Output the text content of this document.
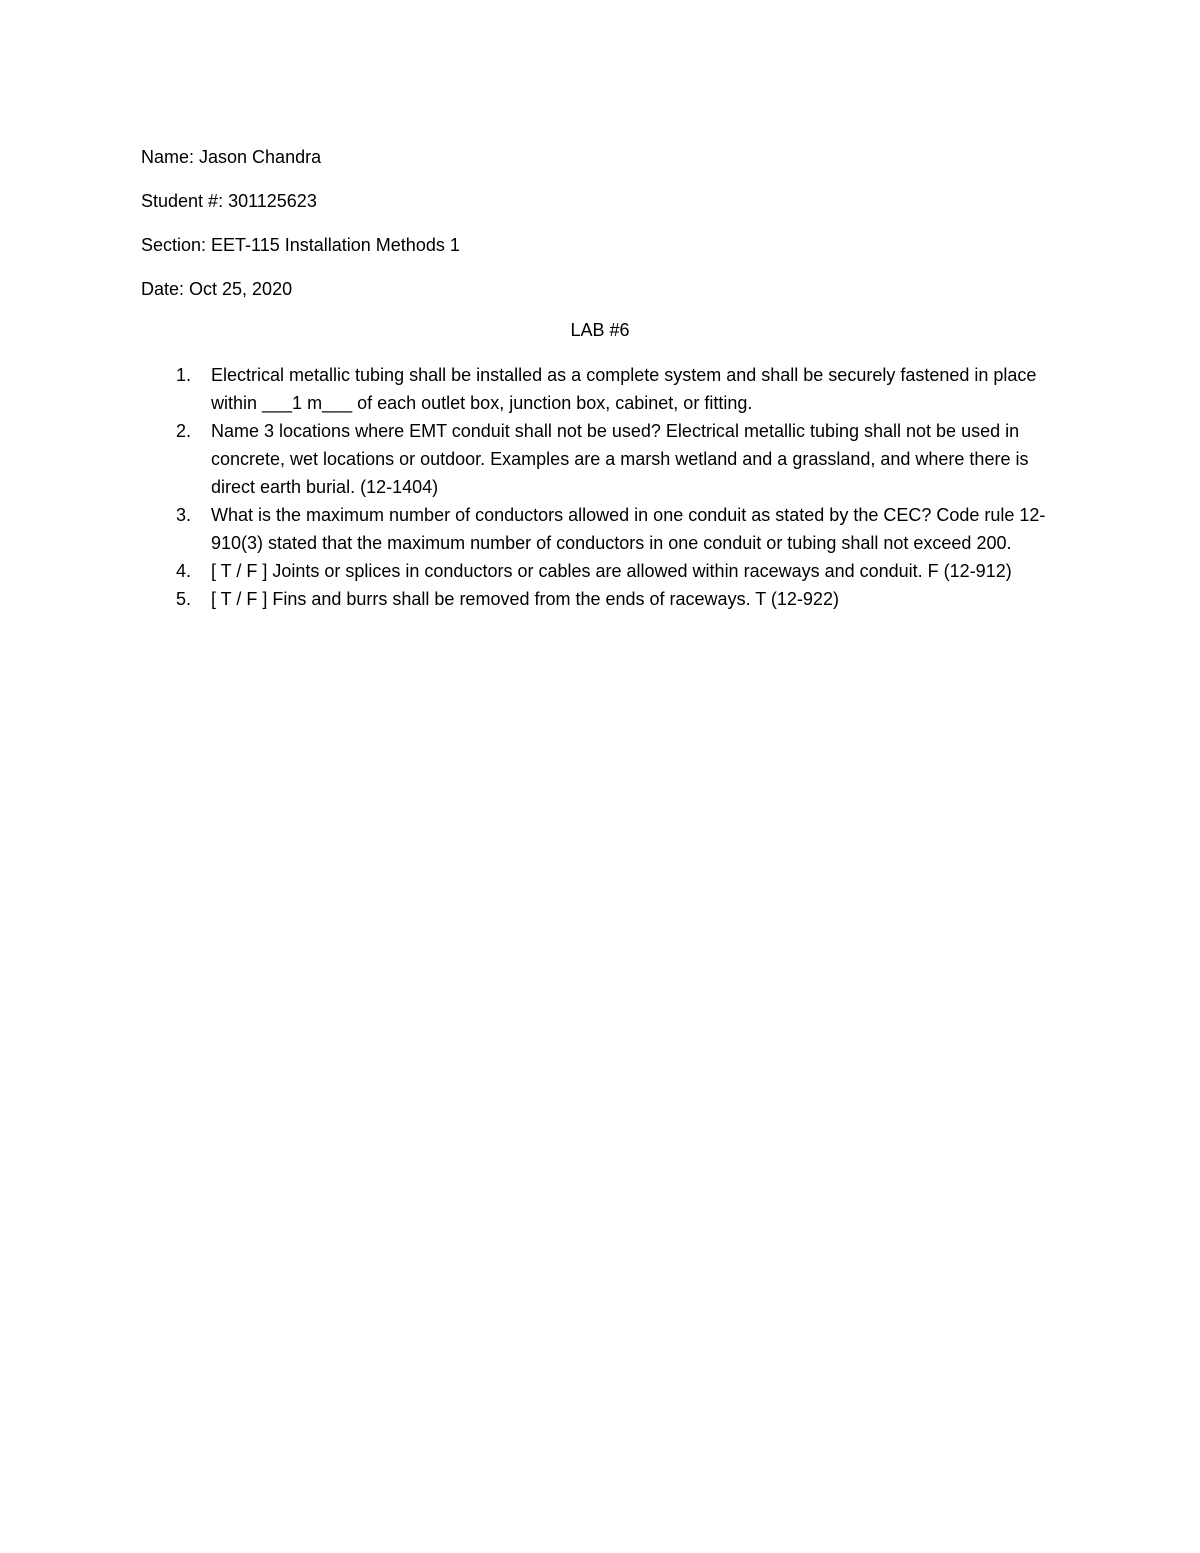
Name: Jason Chandra
Student #: 301125623
Section: EET-115 Installation Methods 1
Date: Oct 25, 2020
LAB #6
1. Electrical metallic tubing shall be installed as a complete system and shall be securely fastened in place within ___1 m___ of each outlet box, junction box, cabinet, or fitting.
2. Name 3 locations where EMT conduit shall not be used? Electrical metallic tubing shall not be used in concrete, wet locations or outdoor. Examples are a marsh wetland and a grassland, and where there is direct earth burial. (12-1404)
3. What is the maximum number of conductors allowed in one conduit as stated by the CEC? Code rule 12-910(3) stated that the maximum number of conductors in one conduit or tubing shall not exceed 200.
4. [ T / F ] Joints or splices in conductors or cables are allowed within raceways and conduit. F (12-912)
5. [ T / F ] Fins and burrs shall be removed from the ends of raceways. T (12-922)
